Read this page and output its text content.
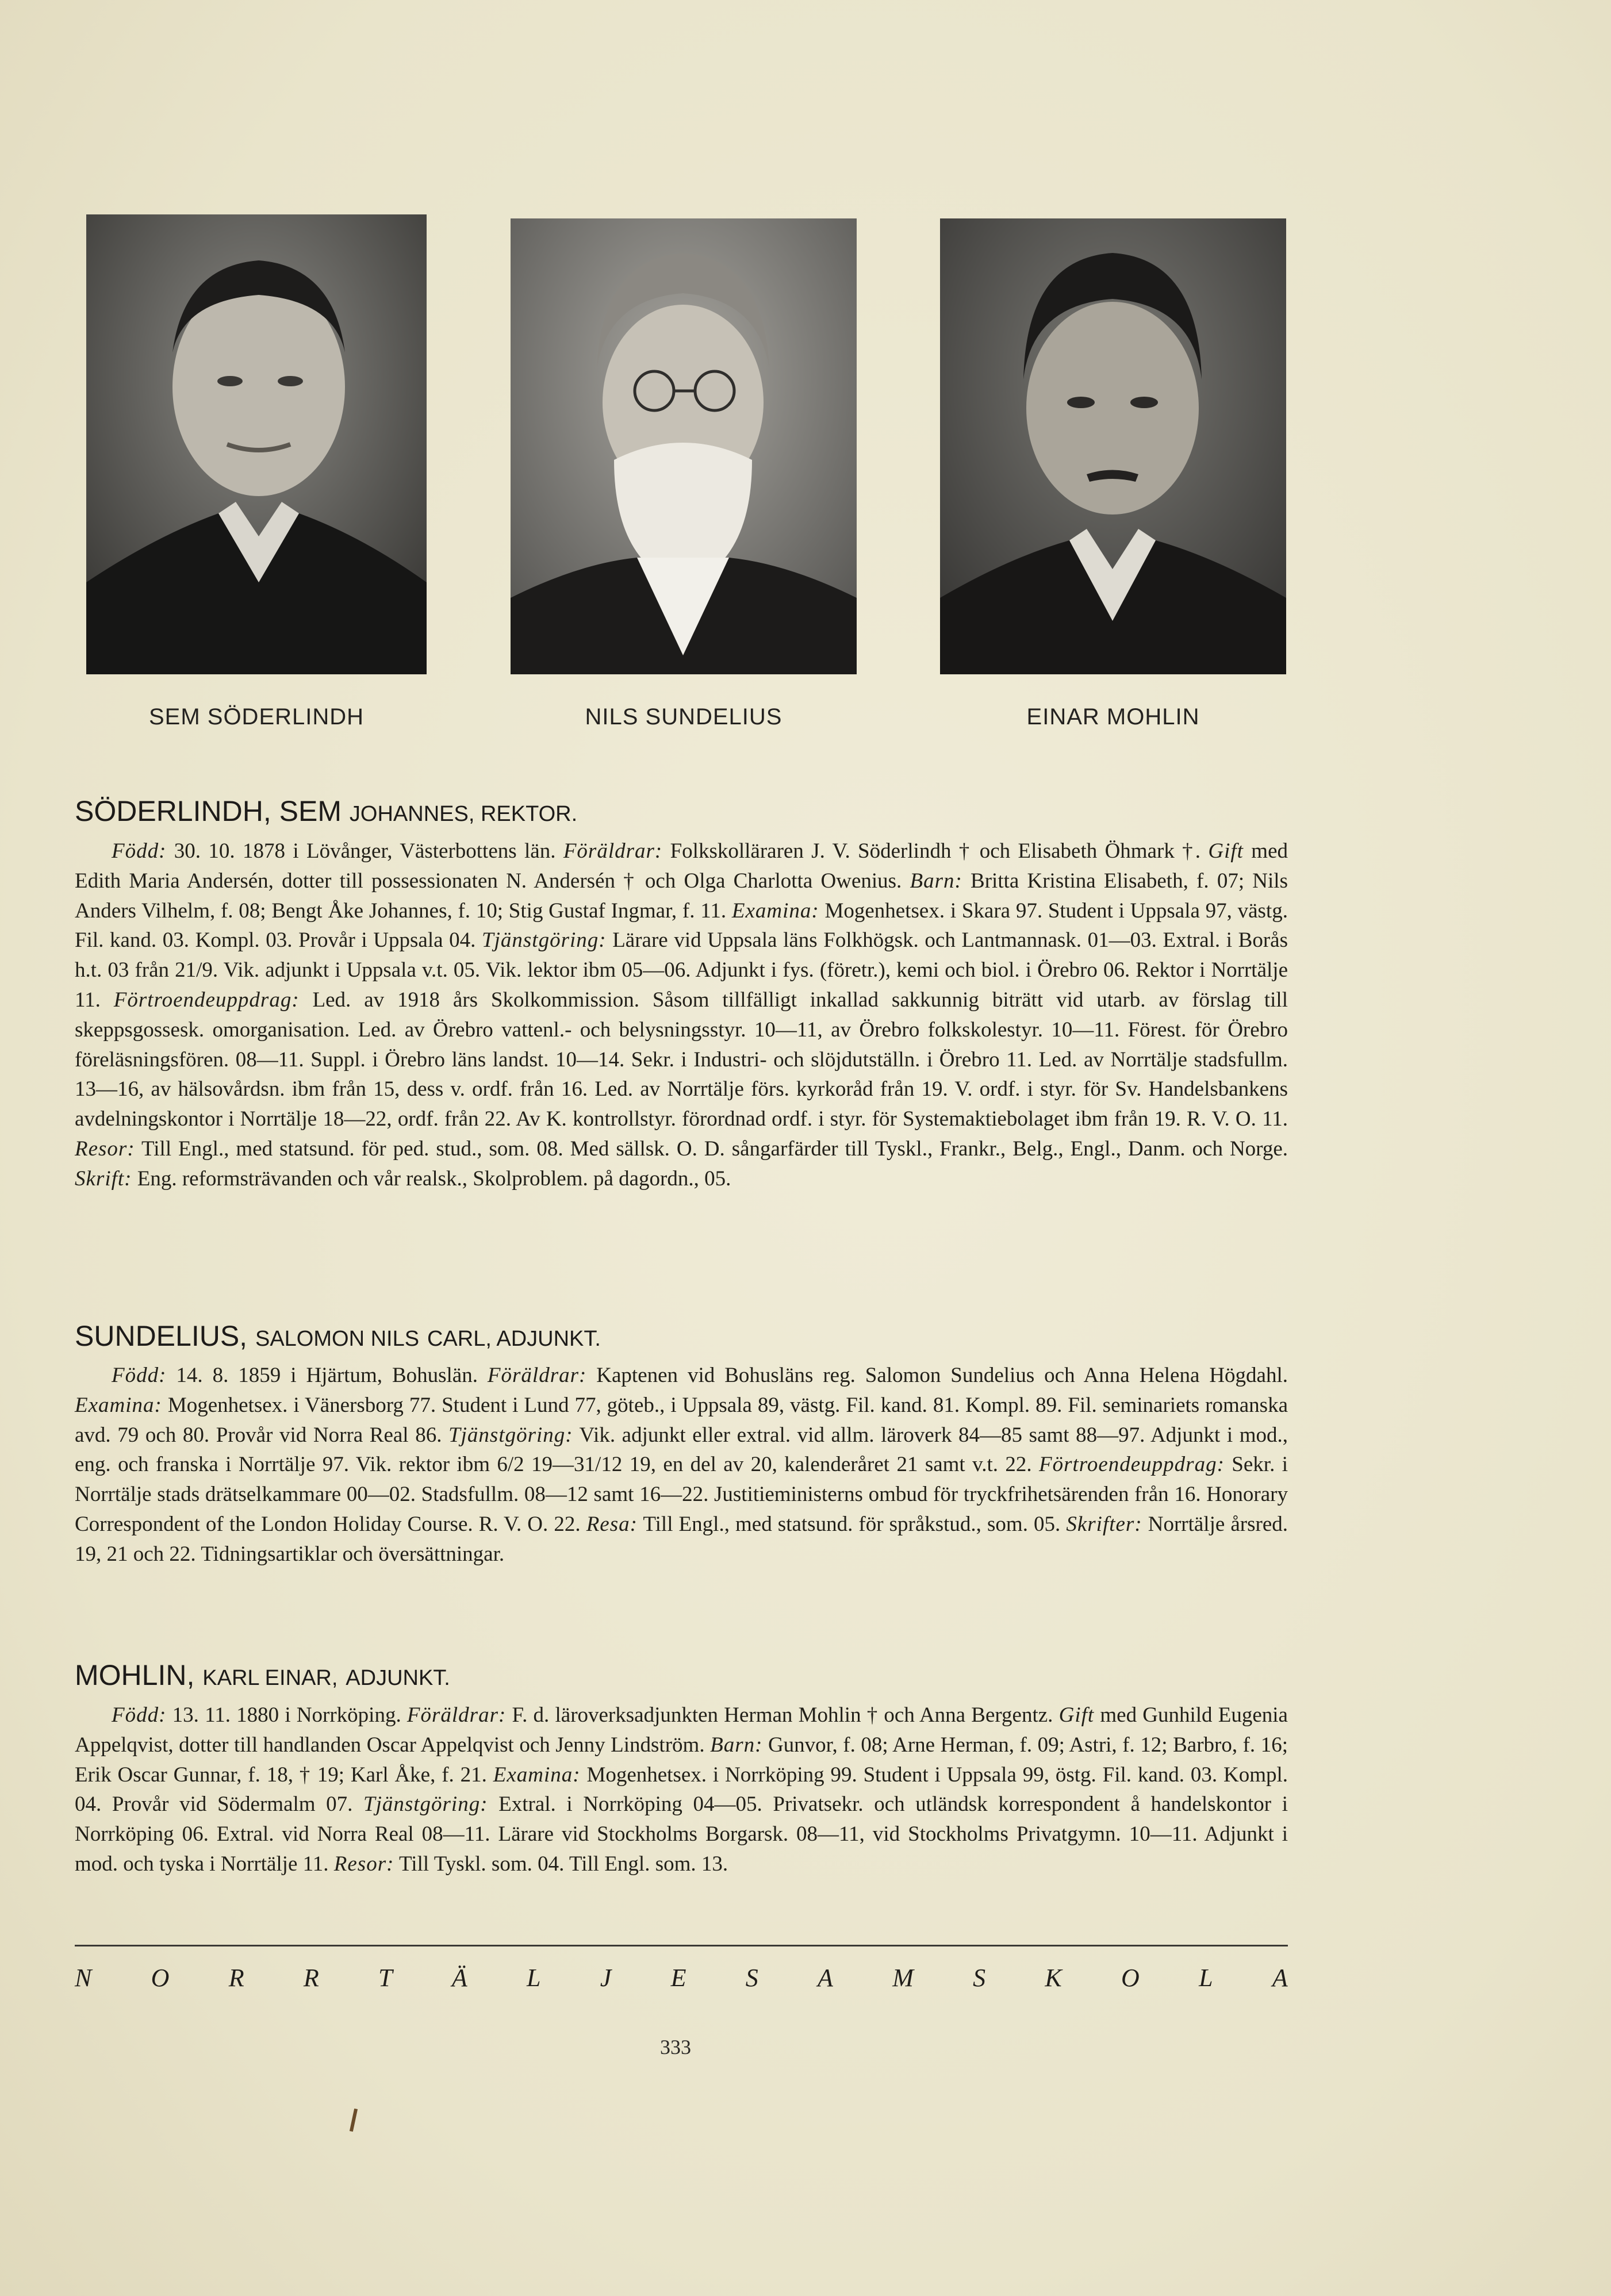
SEM SÖDERLINDH	NILS SUNDELIUS	EINAR MOHLIN
SÖDERLINDH, SEM JOHANNES, REKTOR.
Född: 30. 10. 1878 i Lövånger, Västerbottens län. Föräldrar: Folkskolläraren J. V. Söderlindh † och Elisabeth Öhmark †. Gift med Edith Maria Andersén, dotter till possessionaten N. Andersén † och Olga Charlotta Owenius. Barn: Britta Kristina Elisabeth, f. 07; Nils Anders Vilhelm, f. 08; Bengt Åke Johannes, f. 10; Stig Gustaf Ingmar, f. 11. Examina: Mogenhetsex. i Skara 97. Student i Uppsala 97, västg. Fil. kand. 03. Kompl. 03. Provår i Uppsala 04. Tjänstgöring: Lärare vid Uppsala läns Folkhögsk. och Lantmannask. 01—03. Extral. i Borås h.t. 03 från 21/9. Vik. adjunkt i Uppsala v.t. 05. Vik. lektor ibm 05—06. Adjunkt i fys. (företr.), kemi och biol. i Örebro 06. Rektor i Norrtälje 11. Förtroendeuppdrag: Led. av 1918 års Skolkommission. Såsom tillfälligt inkallad sakkunnig biträtt vid utarb. av förslag till skeppsgossesk. omorganisation. Led. av Örebro vattenl.- och belysningsstyr. 10—11, av Örebro folkskolestyr. 10—11. Förest. för Örebro föreläsningsfören. 08—11. Suppl. i Örebro läns landst. 10—14. Sekr. i Industri- och slöjdutställn. i Örebro 11. Led. av Norrtälje stadsfullm. 13—16, av hälsovårdsn. ibm från 15, dess v. ordf. från 16. Led. av Norrtälje förs. kyrkoråd från 19. V. ordf. i styr. för Sv. Handelsbankens avdelningskontor i Norrtälje 18—22, ordf. från 22. Av K. kontrollstyr. förordnad ordf. i styr. för Systemaktiebolaget ibm från 19. R. V. O. 11. Resor: Till Engl., med statsund. för ped. stud., som. 08. Med sällsk. O. D. sångarfärder till Tyskl., Frankr., Belg., Engl., Danm. och Norge. Skrift: Eng. reformsträvanden och vår realsk., Skolproblem. på dagordn., 05.
SUNDELIUS, SALOMON NILS CARL, ADJUNKT.
Född: 14. 8. 1859 i Hjärtum, Bohuslän. Föräldrar: Kaptenen vid Bohusläns reg. Salomon Sundelius och Anna Helena Högdahl. Examina: Mogenhetsex. i Vänersborg 77. Student i Lund 77, göteb., i Uppsala 89, västg. Fil. kand. 81. Kompl. 89. Fil. seminariets romanska avd. 79 och 80. Provår vid Norra Real 86. Tjänstgöring: Vik. adjunkt eller extral. vid allm. läroverk 84—85 samt 88—97. Adjunkt i mod., eng. och franska i Norrtälje 97. Vik. rektor ibm 6/2 19—31/12 19, en del av 20, kalenderåret 21 samt v.t. 22. Förtroendeuppdrag: Sekr. i Norrtälje stads drätselkammare 00—02. Stadsfullm. 08—12 samt 16—22. Justitieministerns ombud för tryckfrihetsärenden från 16. Honorary Correspondent of the London Holiday Course. R. V. O. 22. Resa: Till Engl., med statsund. för språkstud., som. 05. Skrifter: Norrtälje årsred. 19, 21 och 22. Tidningsartiklar och översättningar.
MOHLIN, KARL EINAR, ADJUNKT.
Född: 13. 11. 1880 i Norrköping. Föräldrar: F. d. läroverksadjunkten Herman Mohlin † och Anna Bergentz. Gift med Gunhild Eugenia Appelqvist, dotter till handlanden Oscar Appelqvist och Jenny Lindström. Barn: Gunvor, f. 08; Arne Herman, f. 09; Astri, f. 12; Barbro, f. 16; Erik Oscar Gunnar, f. 18, † 19; Karl Åke, f. 21. Examina: Mogenhetsex. i Norrköping 99. Student i Uppsala 99, östg. Fil. kand. 03. Kompl. 04. Provår vid Södermalm 07. Tjänstgöring: Extral. i Norrköping 04—05. Privatsekr. och utländsk korrespondent å handelskontor i Norrköping 06. Extral. vid Norra Real 08—11. Lärare vid Stockholms Borgarsk. 08—11, vid Stockholms Privatgymn. 10—11. Adjunkt i mod. och tyska i Norrtälje 11. Resor: Till Tyskl. som. 04. Till Engl. som. 13.
N O R R T Ä L J E S A M S K O L A
333
